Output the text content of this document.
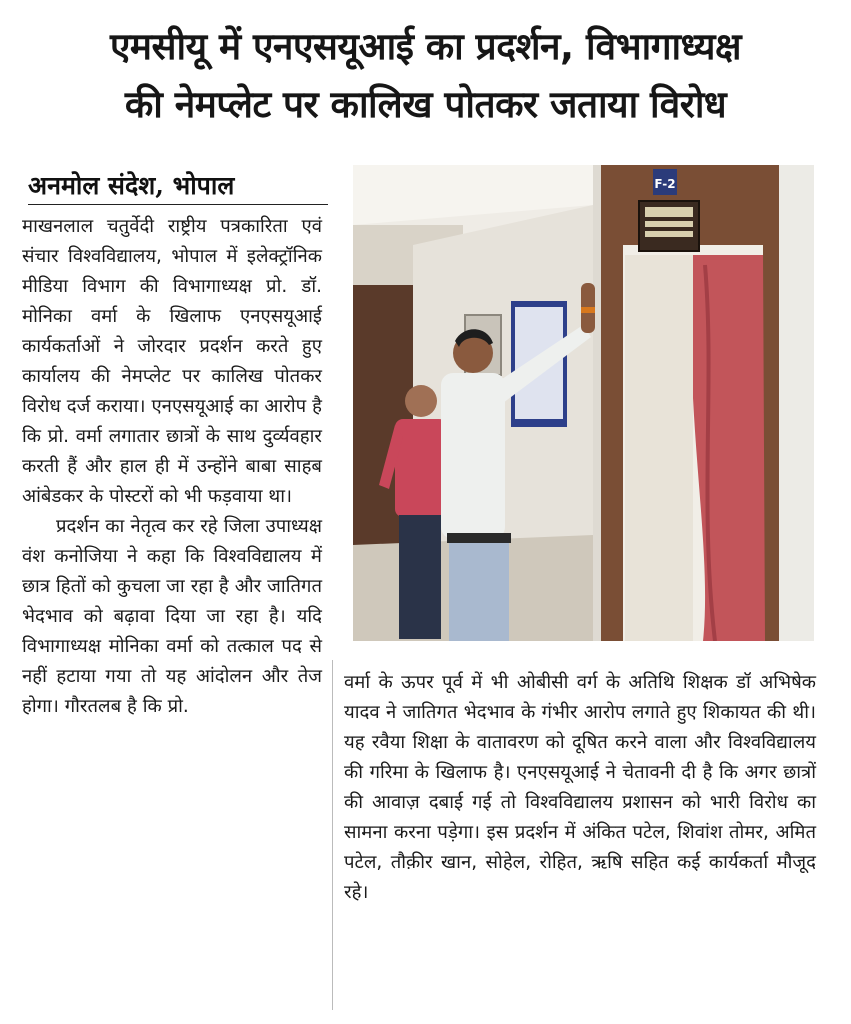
एमसीयू में एनएसयूआई का प्रदर्शन, विभागाध्यक्ष
की नेमप्लेट पर कालिख पोतकर जताया विरोध
अनमोल संदेश, भोपाल

माखनलाल चतुर्वेदी राष्ट्रीय पत्रकारिता एवं संचार विश्वविद्यालय, भोपाल में इलेक्ट्रॉनिक मीडिया विभाग की विभागाध्यक्ष प्रो. डॉ. मोनिका वर्मा के खिलाफ एनएसयूआई कार्यकर्ताओं ने जोरदार प्रदर्शन करते हुए कार्यालय की नेमप्लेट पर कालिख पोतकर विरोध दर्ज कराया। एनएसयूआई का आरोप है कि प्रो. वर्मा लगातार छात्रों के साथ दुर्व्यवहार करती हैं और हाल ही में उन्होंने बाबा साहब आंबेडकर के पोस्टरों को भी फड़वाया था।

प्रदर्शन का नेतृत्व कर रहे जिला उपाध्यक्ष वंश कनोजिया ने कहा कि विश्वविद्यालय में छात्र हितों को कुचला जा रहा है और जातिगत भेदभाव को बढ़ावा दिया जा रहा है। यदि विभागाध्यक्ष मोनिका वर्मा को तत्काल पद से नहीं हटाया गया तो यह आंदोलन और तेज होगा। गौरतलब है कि प्रो.

F-2

वर्मा के ऊपर पूर्व में भी ओबीसी वर्ग के अतिथि शिक्षक डॉ अभिषेक यादव ने जातिगत भेदभाव के गंभीर आरोप लगाते हुए शिकायत की थी। यह रवैया शिक्षा के वातावरण को दूषित करने वाला और विश्वविद्यालय की गरिमा के खिलाफ है। एनएसयूआई ने चेतावनी दी है कि अगर छात्रों की आवाज़ दबाई गई तो विश्वविद्यालय प्रशासन को भारी विरोध का सामना करना पड़ेगा। इस प्रदर्शन में अंकित पटेल, शिवांश तोमर, अमित पटेल, तौक़ीर खान, सोहेल, रोहित, ऋषि सहित कई कार्यकर्ता मौजूद रहे।
